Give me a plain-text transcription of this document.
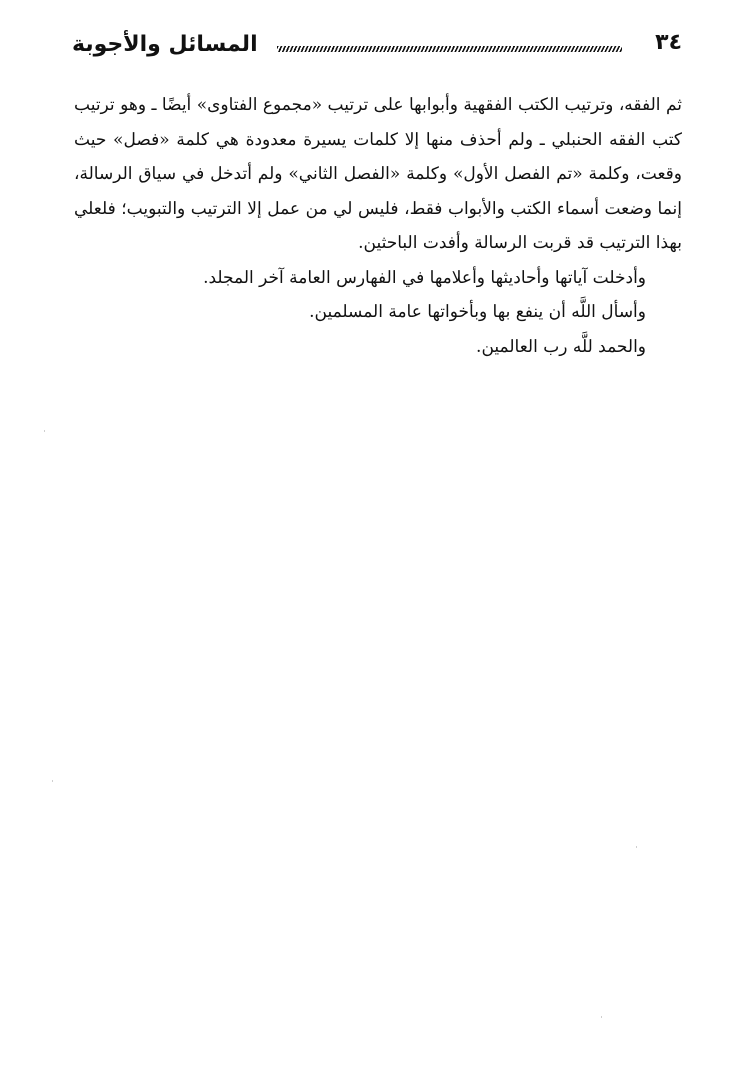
المسائل والأجوبة	٣٤

ثم الفقه، وترتيب الكتب الفقهية وأبوابها على ترتيب «مجموع الفتاوى» أيضًا ـ وهو ترتيب كتب الفقه الحنبلي ـ ولم أحذف منها إلا كلمات يسيرة معدودة هي كلمة «فصل» حيث وقعت، وكلمة «تم الفصل الأول» وكلمة «الفصل الثاني» ولم أتدخل في سياق الرسالة، إنما وضعت أسماء الكتب والأبواب فقط، فليس لي من عمل إلا الترتيب والتبويب؛ فلعلي بهذا الترتيب قد قربت الرسالة وأفدت الباحثين.

وأدخلت آياتها وأحاديثها وأعلامها في الفهارس العامة آخر المجلد.

وأسأل اللَّه أن ينفع بها وبأخواتها عامة المسلمين.

والحمد للَّه رب العالمين.
